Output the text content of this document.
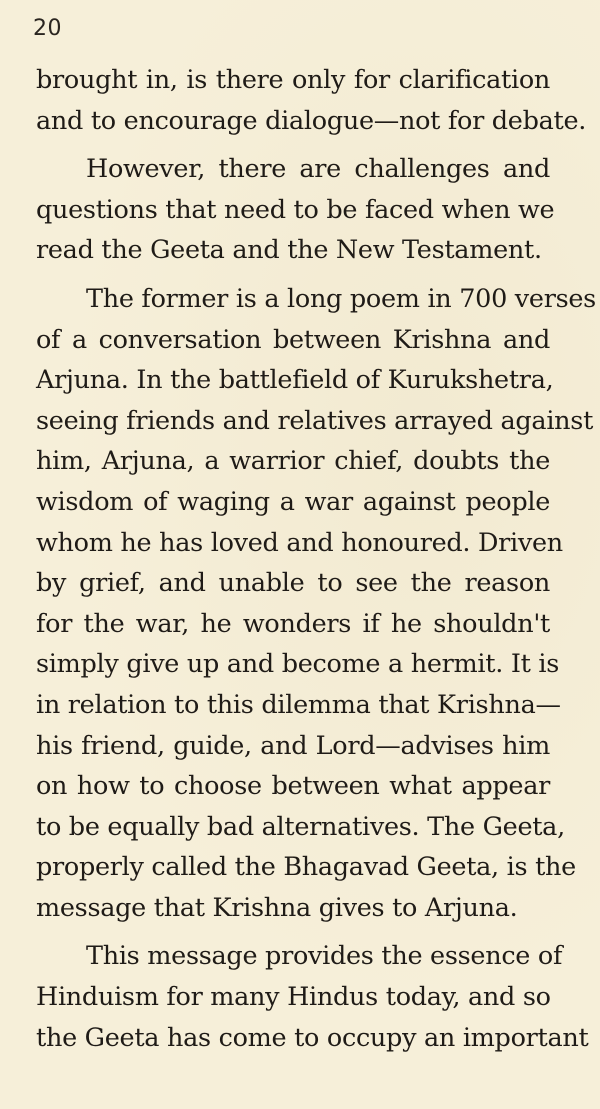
20
brought in, is there only for clarification
and to encourage dialogue—not for debate.
However, there are challenges and
questions that need to be faced when we
read the Geeta and the New Testament.
The former is a long poem in 700 verses
of a conversation between Krishna and
Arjuna. In the battlefield of Kurukshetra,
seeing friends and relatives arrayed against
him, Arjuna, a warrior chief, doubts the
wisdom of waging a war against people
whom he has loved and honoured. Driven
by grief, and unable to see the reason
for the war, he wonders if he shouldn't
simply give up and become a hermit. It is
in relation to this dilemma that Krishna—
his friend, guide, and Lord—advises him
on how to choose between what appear
to be equally bad alternatives. The Geeta,
properly called the Bhagavad Geeta, is the
message that Krishna gives to Arjuna.
This message provides the essence of
Hinduism for many Hindus today, and so
the Geeta has come to occupy an important
